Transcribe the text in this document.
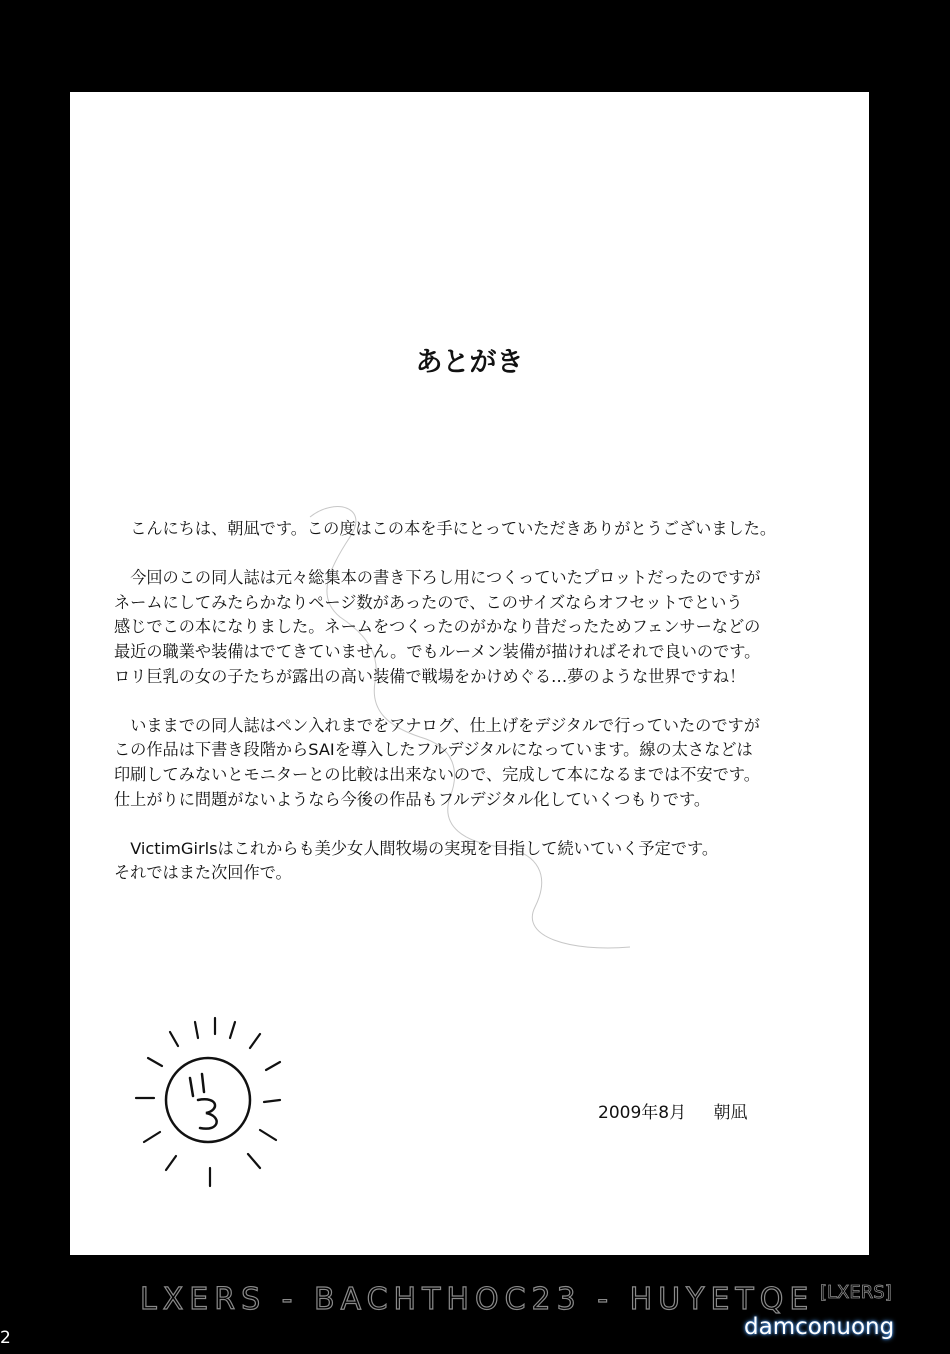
あとがき
こんにちは、朝凪です。この度はこの本を手にとっていただきありがとうございました。
今回のこの同人誌は元々総集本の書き下ろし用につくっていたプロットだったのですが
ネームにしてみたらかなりページ数があったので、このサイズならオフセットでという
感じでこの本になりました。ネームをつくったのがかなり昔だったためフェンサーなどの
最近の職業や装備はでてきていません。でもルーメン装備が描ければそれで良いのです。
ロリ巨乳の女の子たちが露出の高い装備で戦場をかけめぐる…夢のような世界ですね！
いままでの同人誌はペン入れまでをアナログ、仕上げをデジタルで行っていたのですが
この作品は下書き段階からSAIを導入したフルデジタルになっています。線の太さなどは
印刷してみないとモニターとの比較は出来ないので、完成して本になるまでは不安です。
仕上がりに問題がないようなら今後の作品もフルデジタル化していくつもりです。
VictimGirlsはこれからも美少女人間牧場の実現を目指して続いていく予定です。
それではまた次回作で。
2009年8月 朝凪
LXERS - BACHTHOC23 - HUYETQE [LXERS]
2	damconuong
